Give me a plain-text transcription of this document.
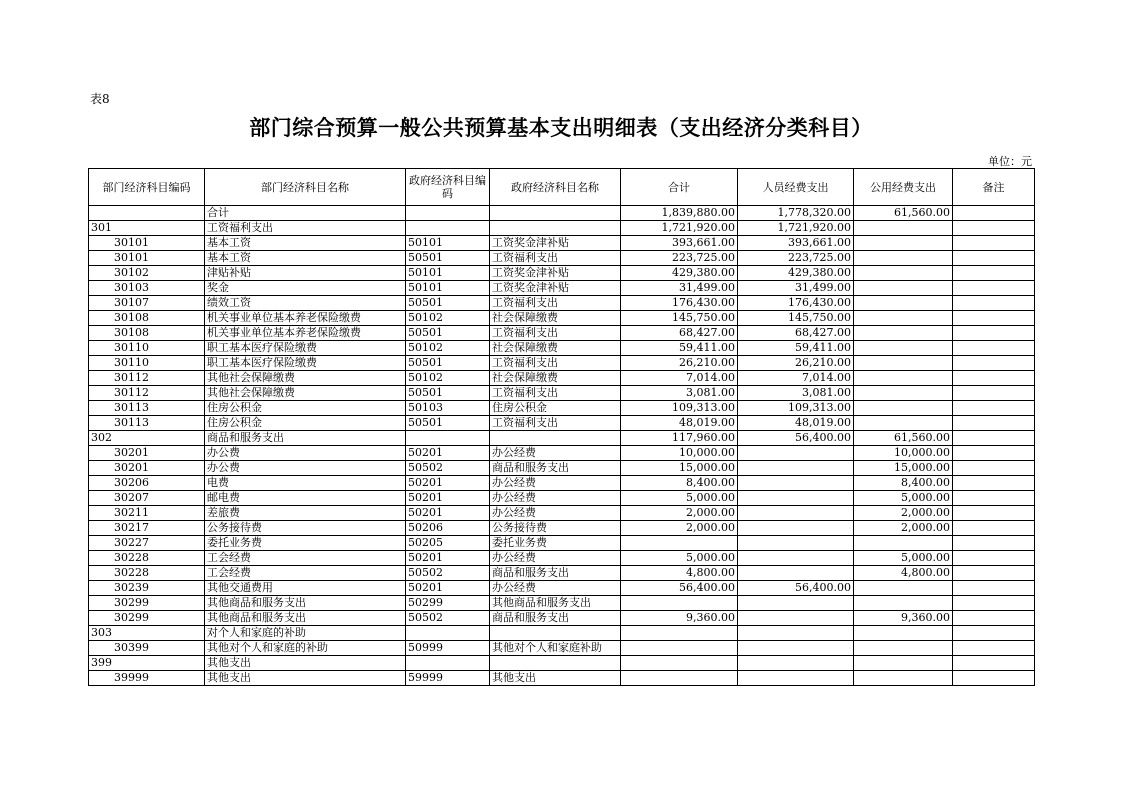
表8
部门综合预算一般公共预算基本支出明细表（支出经济分类科目）
单位：元
部门经济科目编码	部门经济科目名称	政府经济科目编码	政府经济科目名称	合计	人员经费支出	公用经费支出	备注
	合计			1,839,880.00	1,778,320.00	61,560.00	
301	工资福利支出			1,721,920.00	1,721,920.00		
30101	基本工资	50101	工资奖金津补贴	393,661.00	393,661.00		
30101	基本工资	50501	工资福利支出	223,725.00	223,725.00		
30102	津贴补贴	50101	工资奖金津补贴	429,380.00	429,380.00		
30103	奖金	50101	工资奖金津补贴	31,499.00	31,499.00		
30107	绩效工资	50501	工资福利支出	176,430.00	176,430.00		
30108	机关事业单位基本养老保险缴费	50102	社会保障缴费	145,750.00	145,750.00		
30108	机关事业单位基本养老保险缴费	50501	工资福利支出	68,427.00	68,427.00		
30110	职工基本医疗保险缴费	50102	社会保障缴费	59,411.00	59,411.00		
30110	职工基本医疗保险缴费	50501	工资福利支出	26,210.00	26,210.00		
30112	其他社会保障缴费	50102	社会保障缴费	7,014.00	7,014.00		
30112	其他社会保障缴费	50501	工资福利支出	3,081.00	3,081.00		
30113	住房公积金	50103	住房公积金	109,313.00	109,313.00		
30113	住房公积金	50501	工资福利支出	48,019.00	48,019.00		
302	商品和服务支出			117,960.00	56,400.00	61,560.00	
30201	办公费	50201	办公经费	10,000.00		10,000.00	
30201	办公费	50502	商品和服务支出	15,000.00		15,000.00	
30206	电费	50201	办公经费	8,400.00		8,400.00	
30207	邮电费	50201	办公经费	5,000.00		5,000.00	
30211	差旅费	50201	办公经费	2,000.00		2,000.00	
30217	公务接待费	50206	公务接待费	2,000.00		2,000.00	
30227	委托业务费	50205	委托业务费				
30228	工会经费	50201	办公经费	5,000.00		5,000.00	
30228	工会经费	50502	商品和服务支出	4,800.00		4,800.00	
30239	其他交通费用	50201	办公经费	56,400.00	56,400.00		
30299	其他商品和服务支出	50299	其他商品和服务支出				
30299	其他商品和服务支出	50502	商品和服务支出	9,360.00		9,360.00	
303	对个人和家庭的补助						
30399	其他对个人和家庭的补助	50999	其他对个人和家庭补助				
399	其他支出						
39999	其他支出	59999	其他支出				
